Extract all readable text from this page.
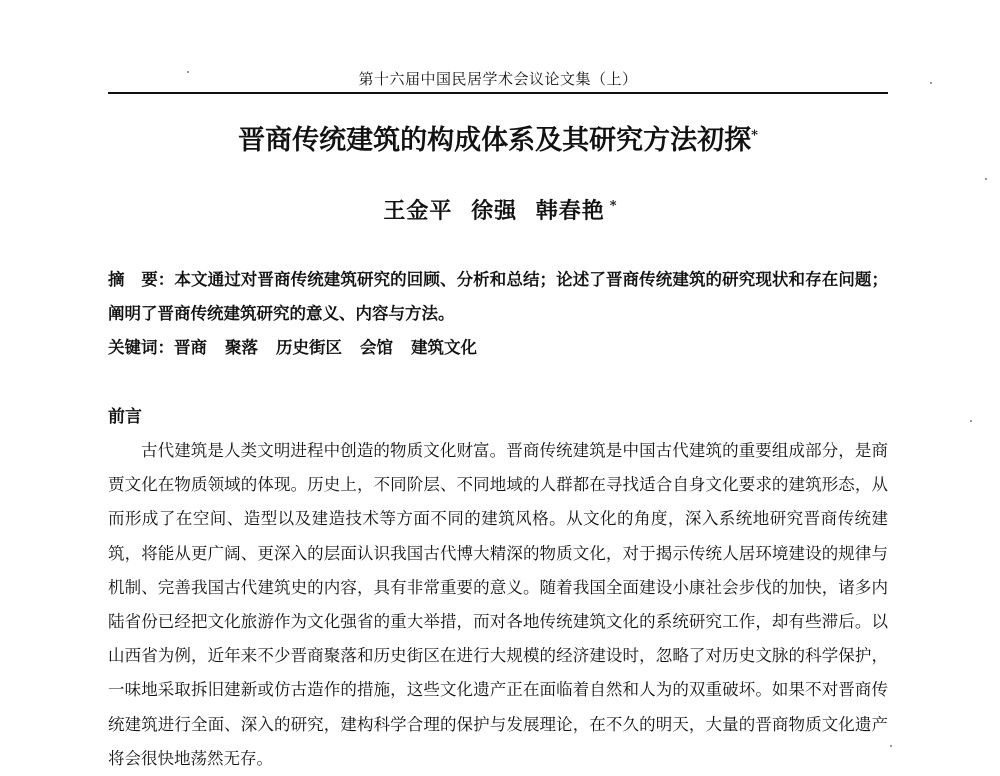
第十六届中国民居学术会议论文集（上）
晋商传统建筑的构成体系及其研究方法初探*
王金平 徐强 韩春艳 *
摘　要：本文通过对晋商传统建筑研究的回顾、分析和总结；论述了晋商传统建筑的研究现状和存在问题；阐明了晋商传统建筑研究的意义、内容与方法。
关键词：晋商 聚落 历史街区 会馆 建筑文化
前言

古代建筑是人类文明进程中创造的物质文化财富。晋商传统建筑是中国古代建筑的重要组成部分，是商贾文化在物质领域的体现。历史上，不同阶层、不同地域的人群都在寻找适合自身文化要求的建筑形态，从而形成了在空间、造型以及建造技术等方面不同的建筑风格。从文化的角度，深入系统地研究晋商传统建筑，将能从更广阔、更深入的层面认识我国古代博大精深的物质文化，对于揭示传统人居环境建设的规律与机制、完善我国古代建筑史的内容，具有非常重要的意义。随着我国全面建设小康社会步伐的加快，诸多内陆省份已经把文化旅游作为文化强省的重大举措，而对各地传统建筑文化的系统研究工作，却有些滞后。以山西省为例，近年来不少晋商聚落和历史街区在进行大规模的经济建设时，忽略了对历史文脉的科学保护，一味地采取拆旧建新或仿古造作的措施，这些文化遗产正在面临着自然和人为的双重破坏。如果不对晋商传统建筑进行全面、深入的研究，建构科学合理的保护与发展理论，在不久的明天，大量的晋商物质文化遗产将会很快地荡然无存。
